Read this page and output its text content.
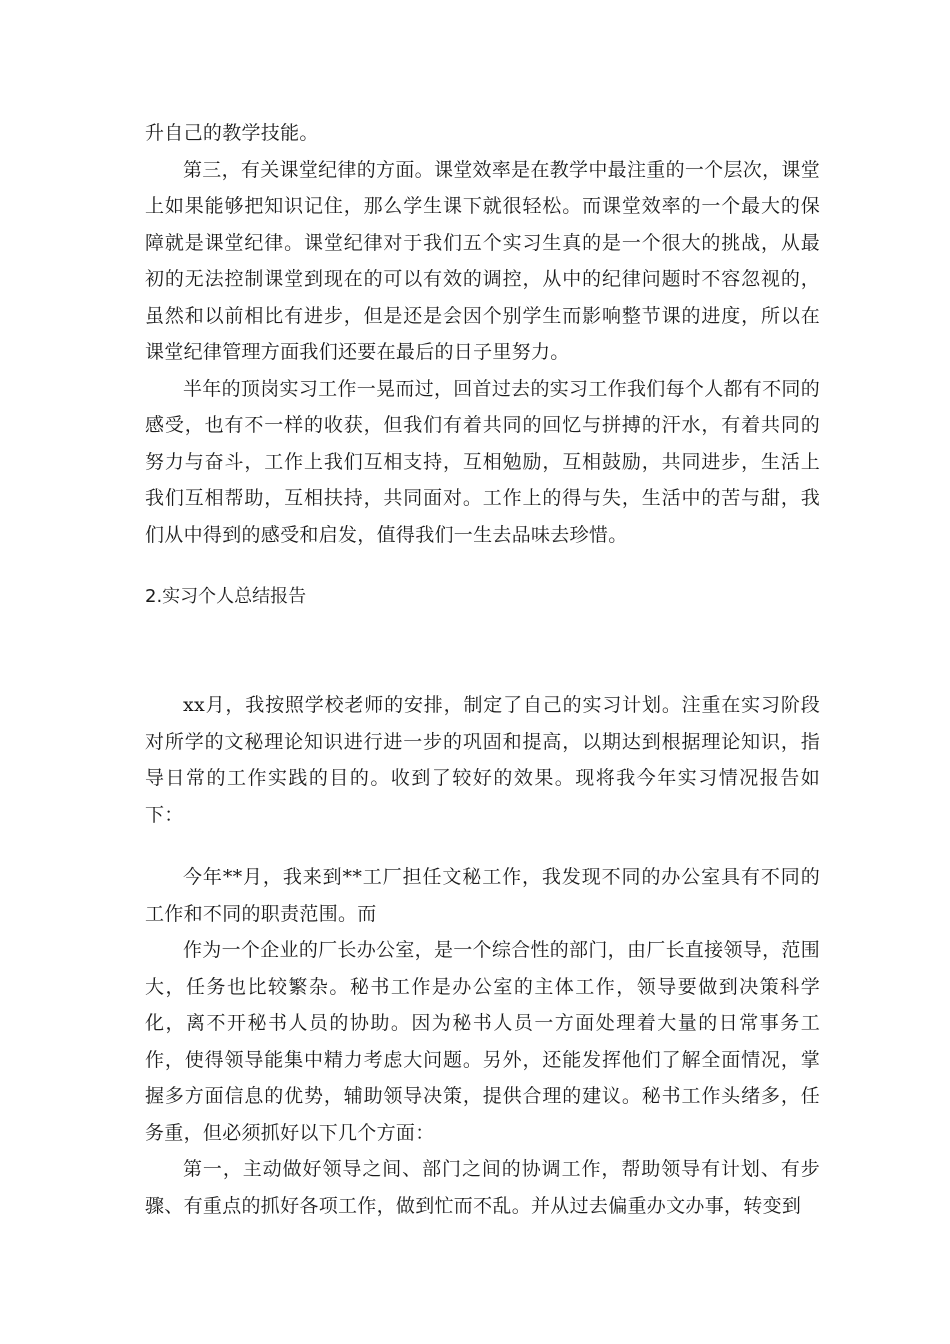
升自己的教学技能。

第三，有关课堂纪律的方面。课堂效率是在教学中最注重的一个层次，课堂上如果能够把知识记住，那么学生课下就很轻松。而课堂效率的一个最大的保障就是课堂纪律。课堂纪律对于我们五个实习生真的是一个很大的挑战，从最初的无法控制课堂到现在的可以有效的调控，从中的纪律问题时不容忽视的，虽然和以前相比有进步，但是还是会因个别学生而影响整节课的进度，所以在课堂纪律管理方面我们还要在最后的日子里努力。

半年的顶岗实习工作一晃而过，回首过去的实习工作我们每个人都有不同的感受，也有不一样的收获，但我们有着共同的回忆与拼搏的汗水，有着共同的努力与奋斗，工作上我们互相支持，互相勉励，互相鼓励，共同进步，生活上我们互相帮助，互相扶持，共同面对。工作上的得与失，生活中的苦与甜，我们从中得到的感受和启发，值得我们一生去品味去珍惜。

2.实习个人总结报告

xx月，我按照学校老师的安排，制定了自己的实习计划。注重在实习阶段对所学的文秘理论知识进行进一步的巩固和提高，以期达到根据理论知识，指导日常的工作实践的目的。收到了较好的效果。现将我今年实习情况报告如下：

今年**月，我来到**工厂担任文秘工作，我发现不同的办公室具有不同的工作和不同的职责范围。而

作为一个企业的厂长办公室，是一个综合性的部门，由厂长直接领导，范围大，任务也比较繁杂。秘书工作是办公室的主体工作，领导要做到决策科学化，离不开秘书人员的协助。因为秘书人员一方面处理着大量的日常事务工作，使得领导能集中精力考虑大问题。另外，还能发挥他们了解全面情况，掌握多方面信息的优势，辅助领导决策，提供合理的建议。秘书工作头绪多，任务重，但必须抓好以下几个方面：

第一，主动做好领导之间、部门之间的协调工作，帮助领导有计划、有步骤、有重点的抓好各项工作，做到忙而不乱。并从过去偏重办文办事，转变到
